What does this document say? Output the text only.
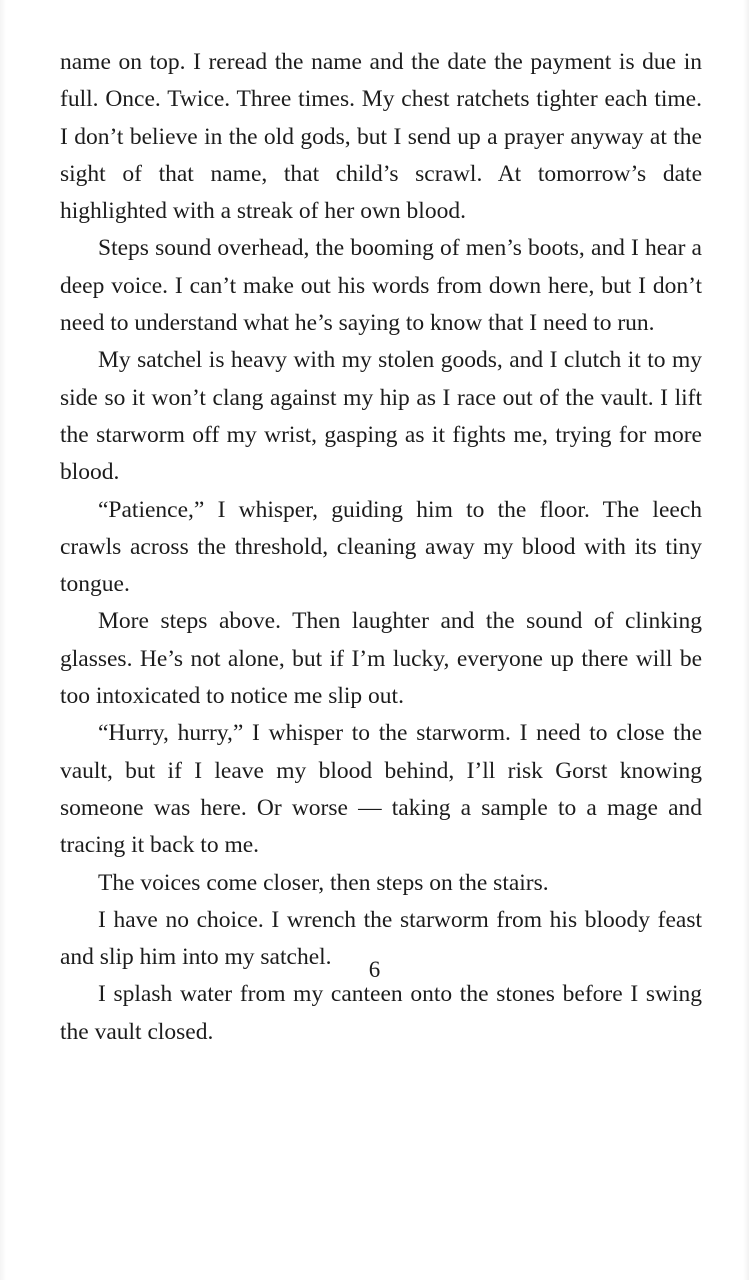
name on top. I reread the name and the date the payment is due in full. Once. Twice. Three times. My chest ratchets tighter each time. I don’t believe in the old gods, but I send up a prayer anyway at the sight of that name, that child’s scrawl. At tomorrow’s date highlighted with a streak of her own blood.

Steps sound overhead, the booming of men’s boots, and I hear a deep voice. I can’t make out his words from down here, but I don’t need to understand what he’s saying to know that I need to run.

My satchel is heavy with my stolen goods, and I clutch it to my side so it won’t clang against my hip as I race out of the vault. I lift the starworm off my wrist, gasping as it fights me, trying for more blood.

“Patience,” I whisper, guiding him to the floor. The leech crawls across the threshold, cleaning away my blood with its tiny tongue.

More steps above. Then laughter and the sound of clinking glasses. He’s not alone, but if I’m lucky, everyone up there will be too intoxicated to notice me slip out.

“Hurry, hurry,” I whisper to the starworm. I need to close the vault, but if I leave my blood behind, I’ll risk Gorst knowing someone was here. Or worse — taking a sample to a mage and tracing it back to me.

The voices come closer, then steps on the stairs.

I have no choice. I wrench the starworm from his bloody feast and slip him into my satchel.

I splash water from my canteen onto the stones before I swing the vault closed.

6
